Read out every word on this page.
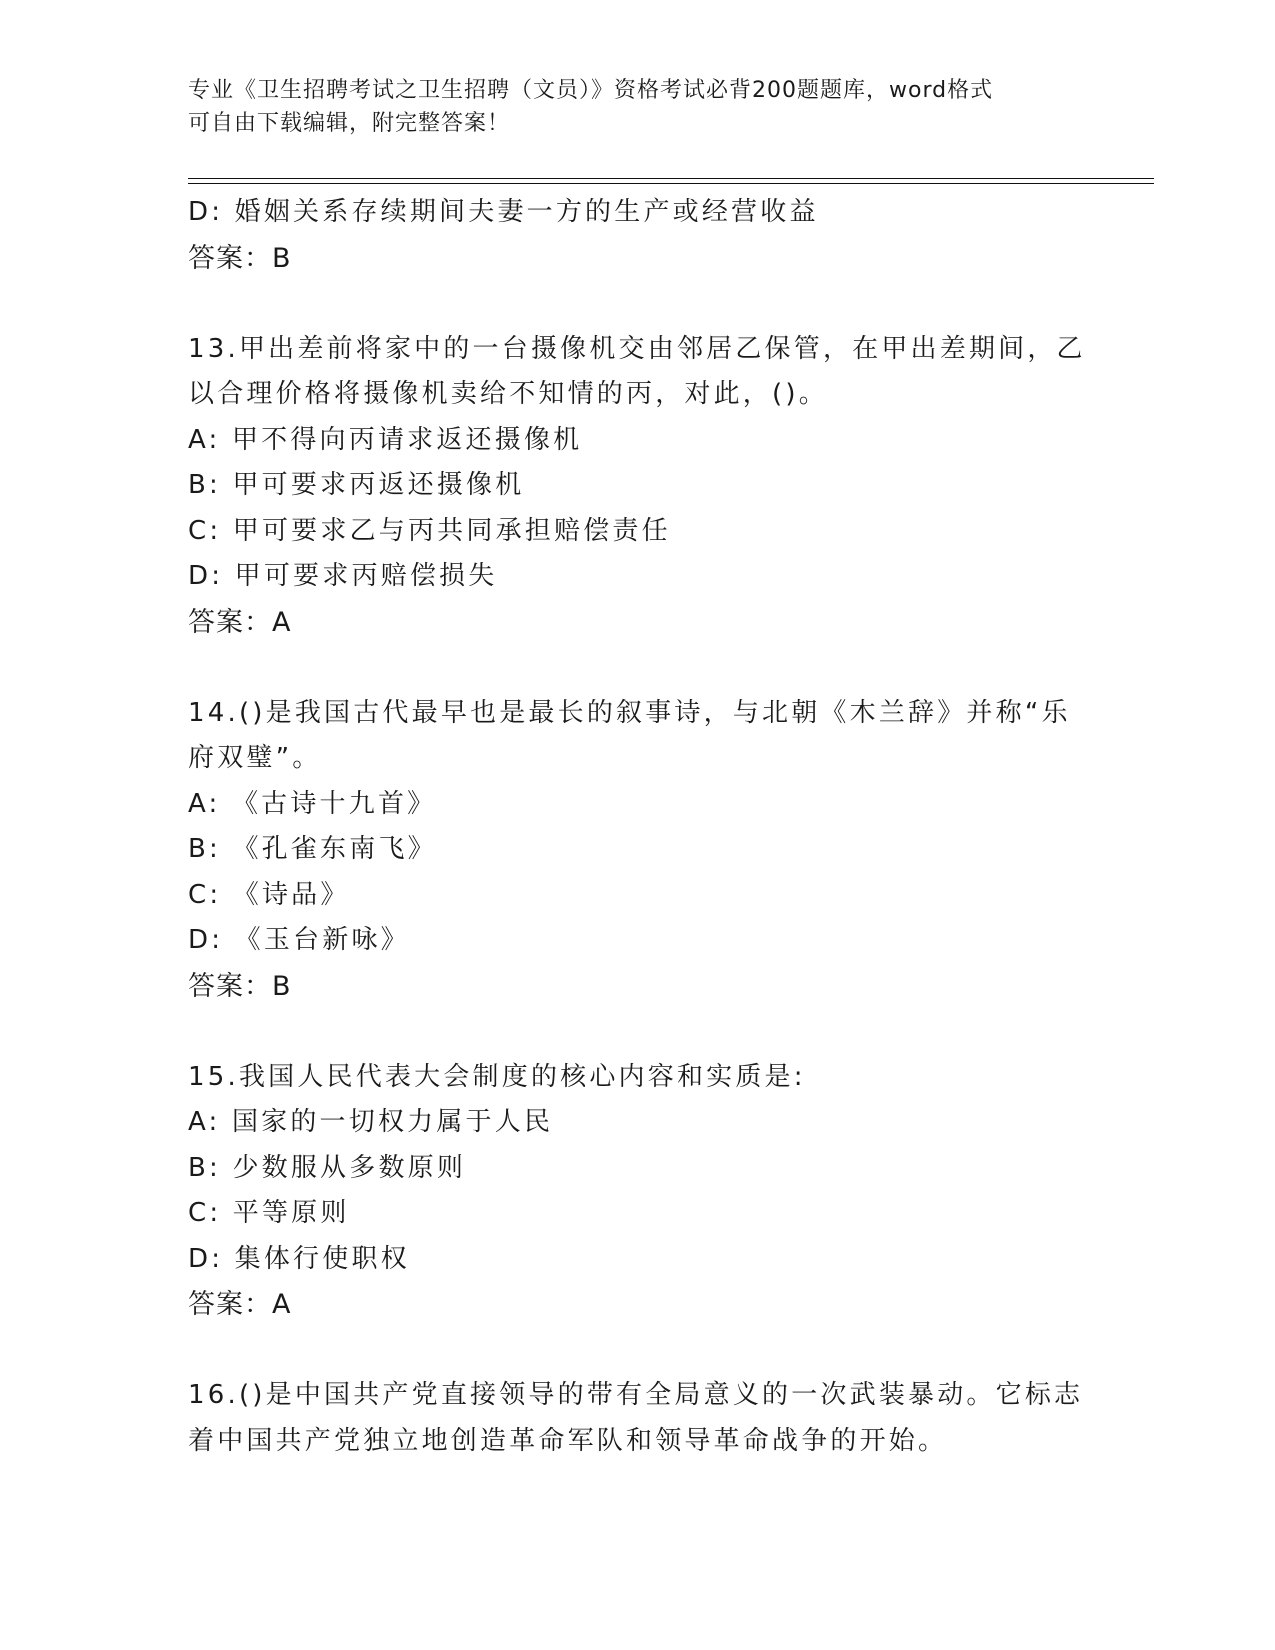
专业《卫生招聘考试之卫生招聘（文员）》资格考试必背200题题库，word格式
可自由下载编辑，附完整答案！
D: 婚姻关系存续期间夫妻一方的生产或经营收益
答案：B
13.甲出差前将家中的一台摄像机交由邻居乙保管，在甲出差期间，乙
以合理价格将摄像机卖给不知情的丙，对此，()。
A: 甲不得向丙请求返还摄像机
B: 甲可要求丙返还摄像机
C: 甲可要求乙与丙共同承担赔偿责任
D: 甲可要求丙赔偿损失
答案：A
14.()是我国古代最早也是最长的叙事诗，与北朝《木兰辞》并称“乐
府双璧”。
A: 《古诗十九首》
B: 《孔雀东南飞》
C: 《诗品》
D: 《玉台新咏》
答案：B
15.我国人民代表大会制度的核心内容和实质是:
A: 国家的一切权力属于人民
B: 少数服从多数原则
C: 平等原则
D: 集体行使职权
答案：A
16.()是中国共产党直接领导的带有全局意义的一次武装暴动。它标志
着中国共产党独立地创造革命军队和领导革命战争的开始。
